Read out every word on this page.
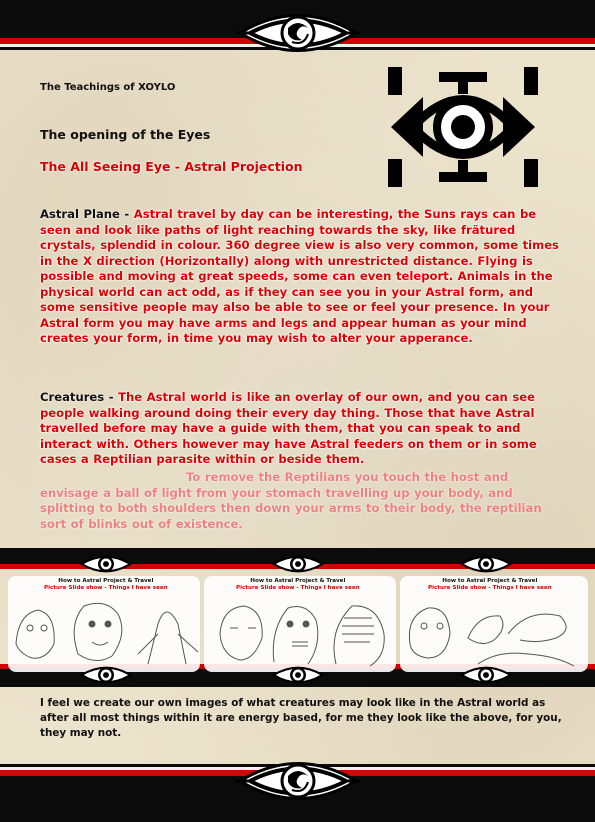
The Teachings of XOYLO
The opening of the Eyes
The All Seeing Eye - Astral Projection
Astral Plane - Astral travel by day can be interesting, the Suns rays can be seen and look like paths of light reaching towards the sky, like frätured crystals, splendid in colour. 360 degree view is also very common, some times in the X direction (Horizontally) along with unrestricted distance. Flying is possible and moving at great speeds, some can even teleport. Animals in the physical world can act odd, as if they can see you in your Astral form, and some sensitive people may also be able to see or feel your presence. In your Astral form you may have arms and legs and appear human as your mind creates your form, in time you may wish to alter your apperance.
Creatures - The Astral world is like an overlay of our own, and you can see people walking around doing their every day thing. Those that have Astral travelled before may have a guide with them, that you can speak to and interact with. Others however may have Astral feeders on them or in some cases a Reptilian parasite within or beside them.
To remove the Reptilians you touch the host and envisage a ball of light from your stomach travelling up your body, and splitting to both shoulders then down your arms to their body, the reptilian sort of blinks out of existence.
How to Astral Project & Travel
Picture Slide show - Things I have seen
How to Astral Project & Travel
Picture Slide show - Things I have seen
How to Astral Project & Travel
Picture Slide show - Things I have seen
I feel we create our own images of what creatures may look like in the Astral world as after all most things within it are energy based, for me they look like the above, for you, they may not.
